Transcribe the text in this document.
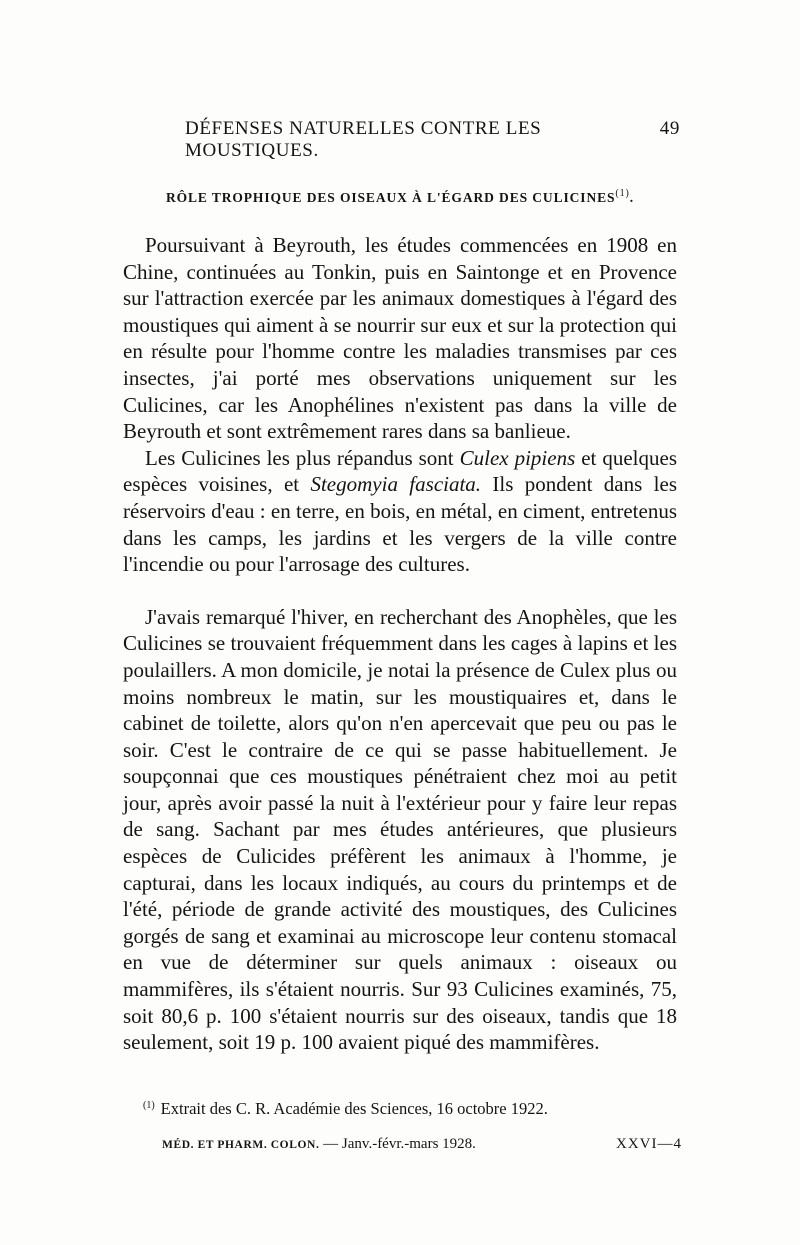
DÉFENSES NATURELLES CONTRE LES MOUSTIQUES.
49
RÔLE TROPHIQUE DES OISEAUX À L'ÉGARD DES CULICINES$^{(1)}$.

Poursuivant à Beyrouth, les études commencées en 1908 en Chine, continuées au Tonkin, puis en Saintonge et en Provence sur l'attraction exercée par les animaux domestiques à l'égard des moustiques qui aiment à se nourrir sur eux et sur la protection qui en résulte pour l'homme contre les maladies transmises par ces insectes, j'ai porté mes observations uniquement sur les Culicines, car les Anophélines n'existent pas dans la ville de Beyrouth et sont extrêmement rares dans sa banlieue.

Les Culicines les plus répandus sont Culex pipiens et quelques espèces voisines, et Stegomyia fasciata. Ils pondent dans les réservoirs d'eau : en terre, en bois, en métal, en ciment, entretenus dans les camps, les jardins et les vergers de la ville contre l'incendie ou pour l'arrosage des cultures.

J'avais remarqué l'hiver, en recherchant des Anophèles, que les Culicines se trouvaient fréquemment dans les cages à lapins et les poulaillers. A mon domicile, je notai la présence de Culex plus ou moins nombreux le matin, sur les moustiquaires et, dans le cabinet de toilette, alors qu'on n'en apercevait que peu ou pas le soir. C'est le contraire de ce qui se passe habituellement. Je soupçonnai que ces moustiques pénétraient chez moi au petit jour, après avoir passé la nuit à l'extérieur pour y faire leur repas de sang. Sachant par mes études antérieures, que plusieurs espèces de Culicides préfèrent les animaux à l'homme, je capturai, dans les locaux indiqués, au cours du printemps et de l'été, période de grande activité des moustiques, des Culicines gorgés de sang et examinai au microscope leur contenu stomacal en vue de déterminer sur quels animaux : oiseaux ou mammifères, ils s'étaient nourris. Sur 93 Culicines examinés, 75, soit 80,6 p. 100 s'étaient nourris sur des oiseaux, tandis que 18 seulement, soit 19 p. 100 avaient piqué des mammifères.

$^{(1)}$ Extrait des C. R. Académie des Sciences, 16 octobre 1922.
MÉD. ET PHARM. COLON. — Janv.-févr.-mars 1928.	XXVI—4
